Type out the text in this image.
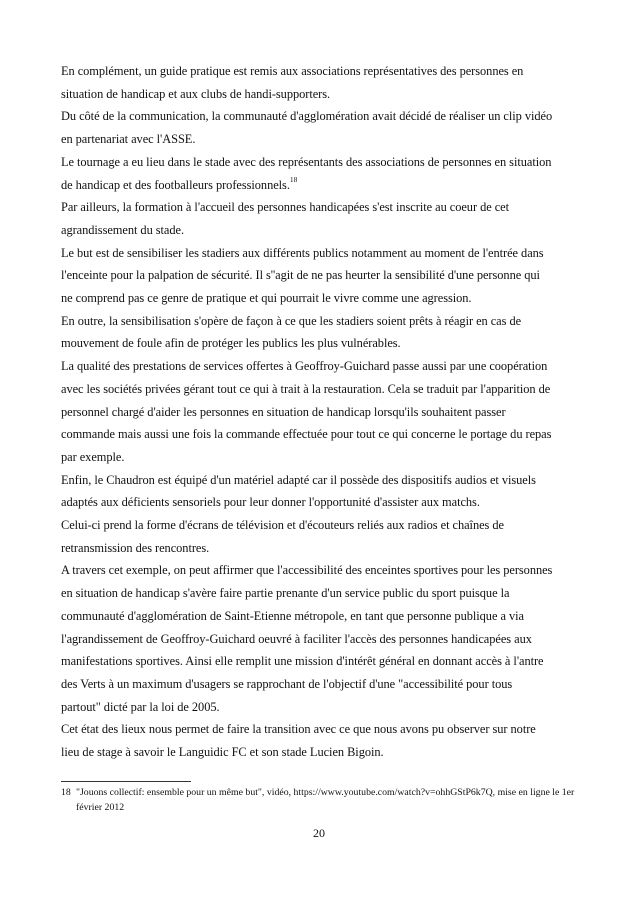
En complément, un guide pratique est remis aux associations représentatives des personnes en
situation de handicap et aux clubs de handi-supporters.

Du côté de la communication, la communauté d'agglomération avait décidé de réaliser un clip vidéo
en partenariat avec l'ASSE.

Le tournage a eu lieu dans le stade avec des représentants des associations de personnes en situation
de handicap et des footballeurs professionnels.$^{18}$

Par ailleurs, la formation à l'accueil des personnes handicapées s'est inscrite au coeur de cet
agrandissement du stade.

Le but est de sensibiliser les stadiers aux différents publics notamment au moment de l'entrée dans
l'enceinte pour la palpation de sécurité. Il s''agit de ne pas heurter la sensibilité d'une personne qui
ne comprend pas ce genre de pratique et qui pourrait le vivre comme une agression.

En outre, la sensibilisation s'opère de façon à ce que les stadiers soient prêts à réagir en cas de
mouvement de foule afin de protéger les publics les plus vulnérables.

La qualité des prestations de services offertes à Geoffroy-Guichard passe aussi par une coopération
avec les sociétés privées gérant tout ce qui à trait à la restauration. Cela se traduit par l'apparition de
personnel chargé d'aider les personnes en situation de handicap lorsqu'ils souhaitent passer
commande mais aussi une fois la commande effectuée pour tout ce qui concerne le portage du repas
par exemple.

Enfin, le Chaudron est équipé d'un matériel adapté car il possède des dispositifs audios et visuels
adaptés aux déficients sensoriels pour leur donner l'opportunité d'assister aux matchs.

Celui-ci prend la forme d'écrans de télévision et d'écouteurs reliés aux radios et chaînes de
retransmission des rencontres.

A travers cet exemple, on peut affirmer que l'accessibilité des enceintes sportives pour les personnes
en situation de handicap s'avère faire partie prenante d'un service public du sport puisque la
communauté d'agglomération de Saint-Etienne métropole, en tant que personne publique a via
l'agrandissement de Geoffroy-Guichard oeuvré à faciliter l'accès des personnes handicapées aux
manifestations sportives. Ainsi elle remplit une mission d'intérêt général en donnant accès à l'antre
des Verts à un maximum d'usagers se rapprochant de l'objectif d'une "accessibilité pour tous
partout" dicté par la loi de 2005.

Cet état des lieux nous permet de faire la transition avec ce que nous avons pu observer sur notre
lieu de stage à savoir le Languidic FC et son stade Lucien Bigoin.

18 "Jouons collectif: ensemble pour un même but", vidéo, https://www.youtube.com/watch?v=ohhGStP6k7Q, mise en ligne le 1er février 2012
20
